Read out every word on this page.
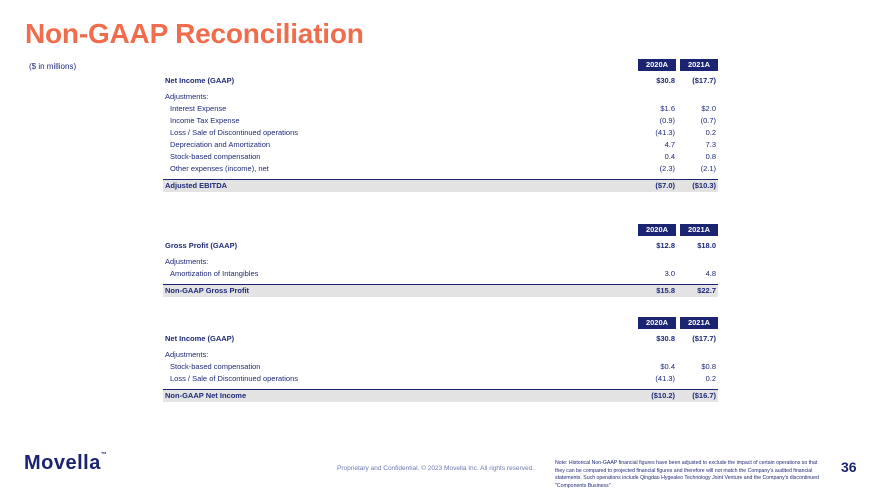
Non-GAAP Reconciliation
($ in millions)	2020A	2021A
Net Income (GAAP)	$30.8	($17.7)
Adjustments:
Interest Expense	$1.6	$2.0
Income Tax Expense	(0.9)	(0.7)
Loss / Sale of Discontinued operations	(41.3)	0.2
Depreciation and Amortization	4.7	7.3
Stock-based compensation	0.4	0.8
Other expenses (income), net	(2.3)	(2.1)
Adjusted EBITDA	($7.0) ($10.3)
2020A	2021A
Gross Profit (GAAP)	$12.8	$18.0
Adjustments:
Amortization of Intangibles	3.0	4.8
Non-GAAP Gross Profit	$15.8	$22.7
2020A	2021A
Net Income (GAAP)	$30.8	($17.7)
Adjustments:
Stock-based compensation	$0.4	$0.8
Loss / Sale of Discontinued operations	(41.3)	0.2
Non-GAAP Net Income	($10.2) ($16.7)
Movella™
Proprietary and Confidential. © 2023 Movella Inc. All rights reserved.
Note: Historical Non-GAAP financial figures have been adjusted to exclude the impact of certain operations so that they can be compared to projected financial figures and therefore will not match the Company's audited financial statements. Such operations include Qingdao Hygealeo Technology Joint Venture and the Company's discontinued "Components Business"
36
